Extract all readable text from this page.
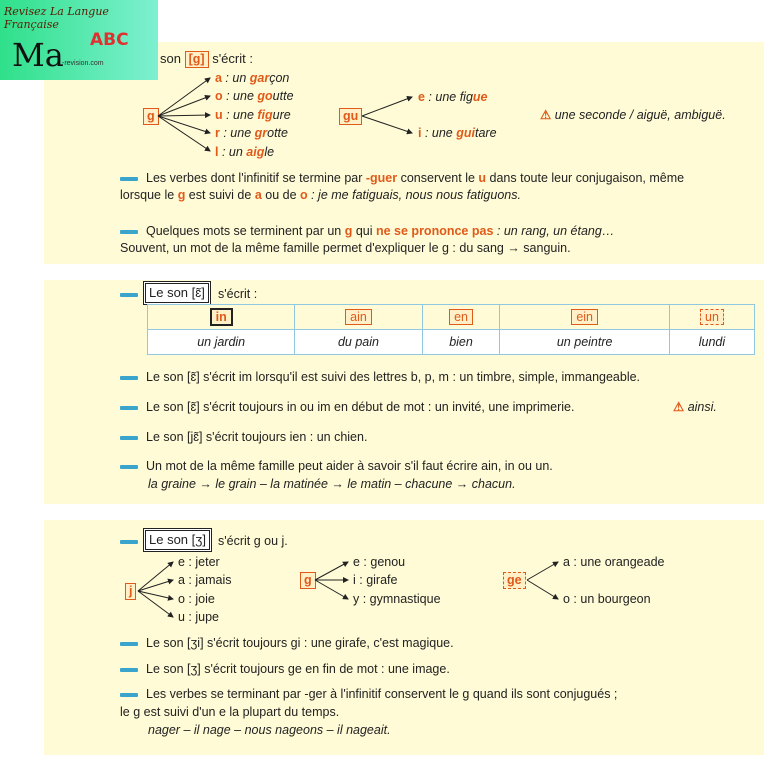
Revisez La Langue Française
Ma ABC
-revision.com	son [g] s'écrit :
g
a : un garçon
o : une goutte
u : une figure
r : une grotte
l : un aigle
gu
e : une figue
i : une guitare
⚠ une seconde / aiguë, ambiguë.
Les verbes dont l'infinitif se termine par -guer conservent le u dans toute leur conjugaison, même
lorsque le g est suivi de a ou de o : je me fatiguais, nous nous fatiguons.
Quelques mots se terminent par un g qui ne se prononce pas : un rang, un étang…
Souvent, un mot de la même famille permet d'expliquer le g : du sang → sanguin.
Le son [ɛ̃]	s'écrit :
in	ain	en	ein	un
un jardin	du pain	bien	un peintre	lundi
Le son [ɛ̃] s'écrit im lorsqu'il est suivi des lettres b, p, m : un timbre, simple, immangeable.
Le son [ɛ̃] s'écrit toujours in ou im en début de mot : un invité, une imprimerie.	⚠ ainsi.
Le son [jɛ̃] s'écrit toujours ien : un chien.
Un mot de la même famille peut aider à savoir s'il faut écrire ain, in ou un.
la graine → le grain – la matinée → le matin – chacune → chacun.
Le son [ʒ] s'écrit g ou j.
j
e : jeter
a : jamais
o : joie
u : jupe
g
e : genou
i : girafe
y : gymnastique
ge
a : une orangeade
o : un bourgeon
Le son [ʒi] s'écrit toujours gi : une girafe, c'est magique.
Le son [ʒ] s'écrit toujours ge en fin de mot : une image.
Les verbes se terminant par -ger à l'infinitif conservent le g quand ils sont conjugués ;
le g est suivi d'un e la plupart du temps.
nager – il nage – nous nageons – il nageait.
